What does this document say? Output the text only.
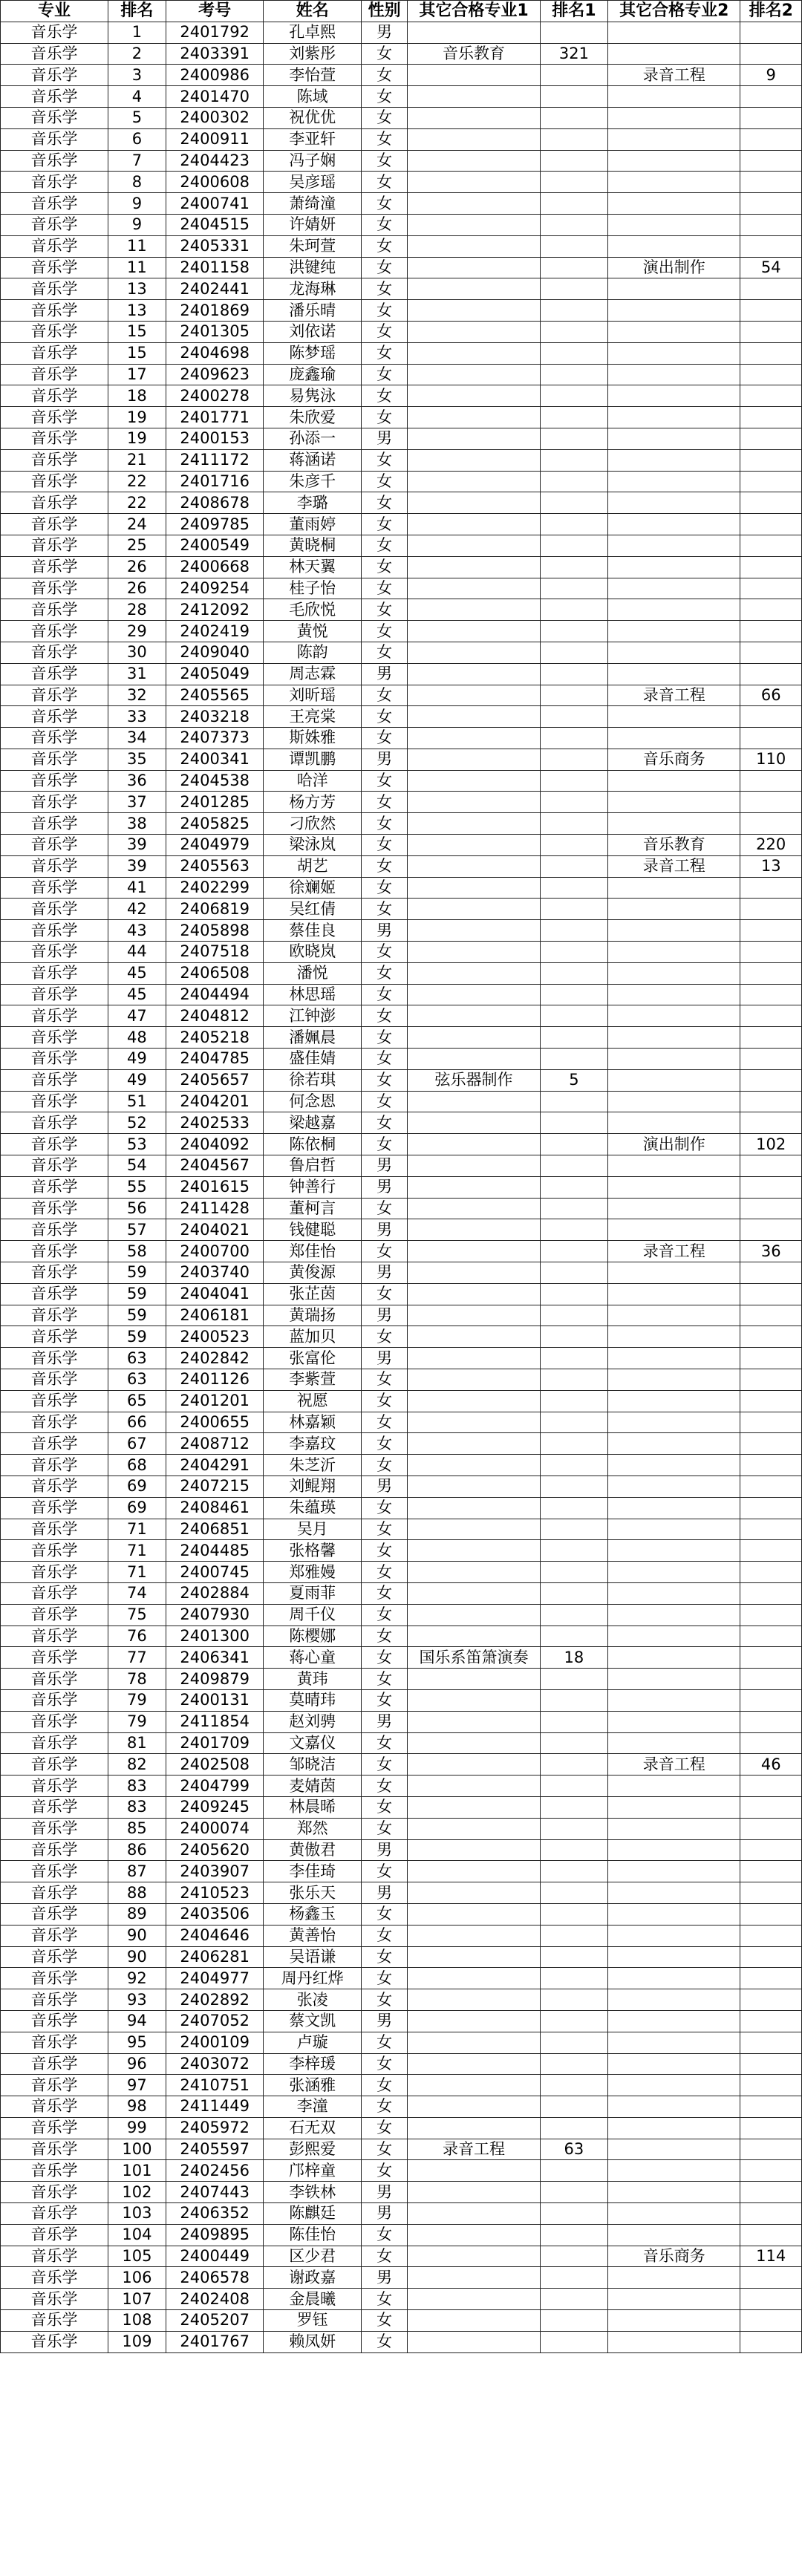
专业	排名	考号	姓名	性别	其它合格专业1	排名1	其它合格专业2	排名2
音乐学	1	2401792	孔卓熙	男				
音乐学	2	2403391	刘紫彤	女	音乐教育	321		
音乐学	3	2400986	李怡萱	女			录音工程	9
音乐学	4	2401470	陈域	女				
音乐学	5	2400302	祝优优	女				
音乐学	6	2400911	李亚轩	女				
音乐学	7	2404423	冯子娴	女				
音乐学	8	2400608	吴彦瑶	女				
音乐学	9	2400741	萧绮潼	女				
音乐学	9	2404515	许婧妍	女				
音乐学	11	2405331	朱珂萱	女				
音乐学	11	2401158	洪键纯	女			演出制作	54
音乐学	13	2402441	龙海琳	女				
音乐学	13	2401869	潘乐晴	女				
音乐学	15	2401305	刘依诺	女				
音乐学	15	2404698	陈梦瑶	女				
音乐学	17	2409623	庞鑫瑜	女				
音乐学	18	2400278	易隽泳	女				
音乐学	19	2401771	朱欣爱	女				
音乐学	19	2400153	孙添一	男				
音乐学	21	2411172	蒋涵诺	女				
音乐学	22	2401716	朱彦千	女				
音乐学	22	2408678	李璐	女				
音乐学	24	2409785	董雨婷	女				
音乐学	25	2400549	黄晓桐	女				
音乐学	26	2400668	林天翼	女				
音乐学	26	2409254	桂子怡	女				
音乐学	28	2412092	毛欣悦	女				
音乐学	29	2402419	黄悦	女				
音乐学	30	2409040	陈韵	女				
音乐学	31	2405049	周志霖	男				
音乐学	32	2405565	刘昕瑶	女			录音工程	66
音乐学	33	2403218	王亮棠	女				
音乐学	34	2407373	斯姝雅	女				
音乐学	35	2400341	谭凯鹏	男			音乐商务	110
音乐学	36	2404538	哈洋	女				
音乐学	37	2401285	杨方芳	女				
音乐学	38	2405825	刁欣然	女				
音乐学	39	2404979	梁泳岚	女			音乐教育	220
音乐学	39	2405563	胡艺	女			录音工程	13
音乐学	41	2402299	徐斓姬	女				
音乐学	42	2406819	吴红倩	女				
音乐学	43	2405898	蔡佳良	男				
音乐学	44	2407518	欧晓岚	女				
音乐学	45	2406508	潘悦	女				
音乐学	45	2404494	林思瑶	女				
音乐学	47	2404812	江钟澎	女				
音乐学	48	2405218	潘姵晨	女				
音乐学	49	2404785	盛佳婧	女				
音乐学	49	2405657	徐若琪	女	弦乐器制作	5		
音乐学	51	2404201	何念恩	女				
音乐学	52	2402533	梁越嘉	女				
音乐学	53	2404092	陈依桐	女			演出制作	102
音乐学	54	2404567	鲁启哲	男				
音乐学	55	2401615	钟善行	男				
音乐学	56	2411428	董柯言	女				
音乐学	57	2404021	钱健聪	男				
音乐学	58	2400700	郑佳怡	女			录音工程	36
音乐学	59	2403740	黄俊源	男				
音乐学	59	2404041	张芷茵	女				
音乐学	59	2406181	黄瑞扬	男				
音乐学	59	2400523	蓝加贝	女				
音乐学	63	2402842	张富伦	男				
音乐学	63	2401126	李紫萱	女				
音乐学	65	2401201	祝愿	女				
音乐学	66	2400655	林嘉颖	女				
音乐学	67	2408712	李嘉玟	女				
音乐学	68	2404291	朱芝沂	女				
音乐学	69	2407215	刘鲲翔	男				
音乐学	69	2408461	朱蕴瑛	女				
音乐学	71	2406851	吴月	女				
音乐学	71	2404485	张格馨	女				
音乐学	71	2400745	郑雅嫚	女				
音乐学	74	2402884	夏雨菲	女				
音乐学	75	2407930	周千仪	女				
音乐学	76	2401300	陈樱娜	女				
音乐学	77	2406341	蒋心童	女	国乐系笛箫演奏	18		
音乐学	78	2409879	黄玮	女				
音乐学	79	2400131	莫晴玮	女				
音乐学	79	2411854	赵刘骋	男				
音乐学	81	2401709	文嘉仪	女				
音乐学	82	2402508	邹晓洁	女			录音工程	46
音乐学	83	2404799	麦婧茵	女				
音乐学	83	2409245	林晨晞	女				
音乐学	85	2400074	郑然	女				
音乐学	86	2405620	黄傲君	男				
音乐学	87	2403907	李佳琦	女				
音乐学	88	2410523	张乐天	男				
音乐学	89	2403506	杨鑫玉	女				
音乐学	90	2404646	黄善怡	女				
音乐学	90	2406281	吴语谦	女				
音乐学	92	2404977	周丹红烨	女				
音乐学	93	2402892	张凌	女				
音乐学	94	2407052	蔡文凯	男				
音乐学	95	2400109	卢璇	女				
音乐学	96	2403072	李梓瑗	女				
音乐学	97	2410751	张涵雅	女				
音乐学	98	2411449	李潼	女				
音乐学	99	2405972	石无双	女				
音乐学	100	2405597	彭熙爱	女	录音工程	63		
音乐学	101	2402456	邝梓童	女				
音乐学	102	2407443	李铁林	男				
音乐学	103	2406352	陈麒廷	男				
音乐学	104	2409895	陈佳怡	女				
音乐学	105	2400449	区少君	女			音乐商务	114
音乐学	106	2406578	谢政嘉	男				
音乐学	107	2402408	金晨曦	女				
音乐学	108	2405207	罗钰	女				
音乐学	109	2401767	赖凤妍	女				
